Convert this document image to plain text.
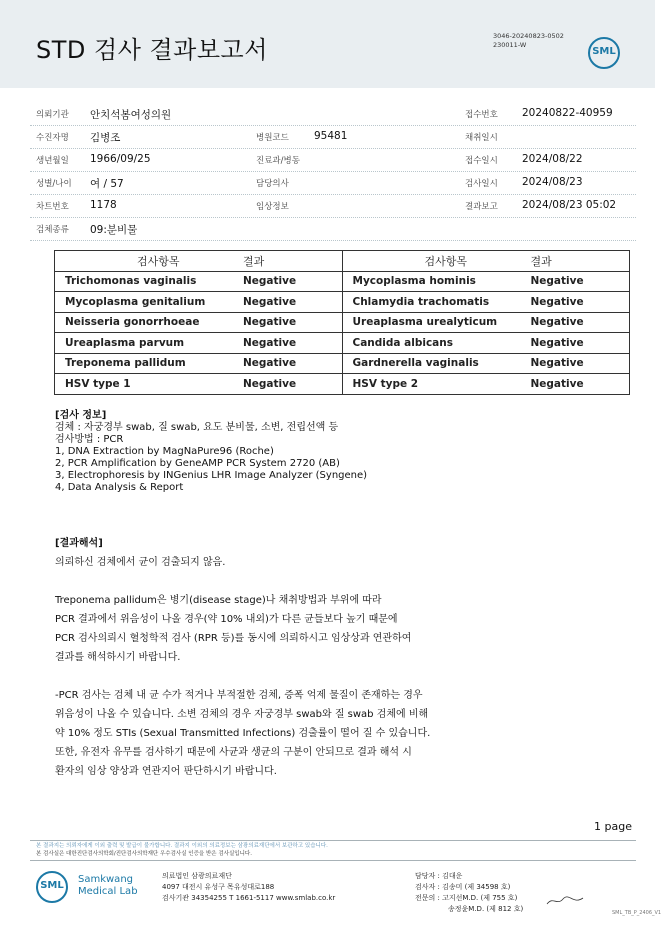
STD 검사 결과보고서	3046-20240823-0502
230011-W
SML
의뢰기관 안치석봄여성의원	접수번호 20240822-40959
수진자명 김병조	병원코드 95481	채취일시
생년월일 1966/09/25	진료과/병동	접수일시 2024/08/22
성별/나이 여 / 57	담당의사	검사일시 2024/08/23
차트번호 1178	임상정보	결과보고 2024/08/23 05:02
검체종류 09:분비물
검사항목 결과	검사항목 결과
Trichomonas vaginalis Negative	Mycoplasma hominis Negative
Mycoplasma genitalium Negative	Chlamydia trachomatis Negative
Neisseria gonorrhoeae Negative	Ureaplasma urealyticum Negative
Ureaplasma parvum Negative	Candida albicans Negative
Treponema pallidum Negative	Gardnerella vaginalis Negative
HSV type 1 Negative	HSV type 2 Negative
[검사 정보]
검체 : 자궁경부 swab, 질 swab, 요도 분비물, 소변, 전립선액 등
검사방법 : PCR
1, DNA Extraction by MagNaPure96 (Roche)
2, PCR Amplification by GeneAMP PCR System 2720 (AB)
3, Electrophoresis by INGenius LHR Image Analyzer (Syngene)
4, Data Analysis & Report
[결과해석]
의뢰하신 검체에서 균이 검출되지 않음.
Treponema pallidum은 병기(disease stage)나 채취방법과 부위에 따라
PCR 결과에서 위음성이 나올 경우(약 10% 내외)가 다른 균들보다 높기 때문에
PCR 검사의뢰시 혈청학적 검사 (RPR 등)를 동시에 의뢰하시고 임상상과 연관하여
결과를 해석하시기 바랍니다.
-PCR 검사는 검체 내 균 수가 적거나 부적절한 검체, 증폭 억제 물질이 존재하는 경우
위음성이 나올 수 있습니다. 소변 검체의 경우 자궁경부 swab와 질 swab 검체에 비해
약 10% 정도 STIs (Sexual Transmitted Infections) 검출률이 떨어 질 수 있습니다.
또한, 유전자 유무를 검사하기 때문에 사균과 생균의 구분이 안되므로 결과 해석 시
환자의 임상 양상과 연관지어 판단하시기 바랍니다.
1 page
본 결과지는 의뢰자에게 이외 출력 및 발급이 불가합니다. 결과지 이외의 의료정보는 삼광의료재단에서 보관하고 있습니다.
본 검사실은 대한진단검사의학회/진단검사의학재단 우수검사실 인증을 받은 검사실입니다.
SML
Samkwang
Medical Lab
의료법인 삼광의료재단
4097 대전시 유성구 목유성대로188
검사기관 34354255 T 1661-5117 www.smlab.co.kr
담당자 : 김대운
검사자 : 김송미 (제 34598 호)
전문의 : 고지선M.D. (제 755 호)
송정윤M.D. (제 812 호)	SML_TB_P_2406_V1
